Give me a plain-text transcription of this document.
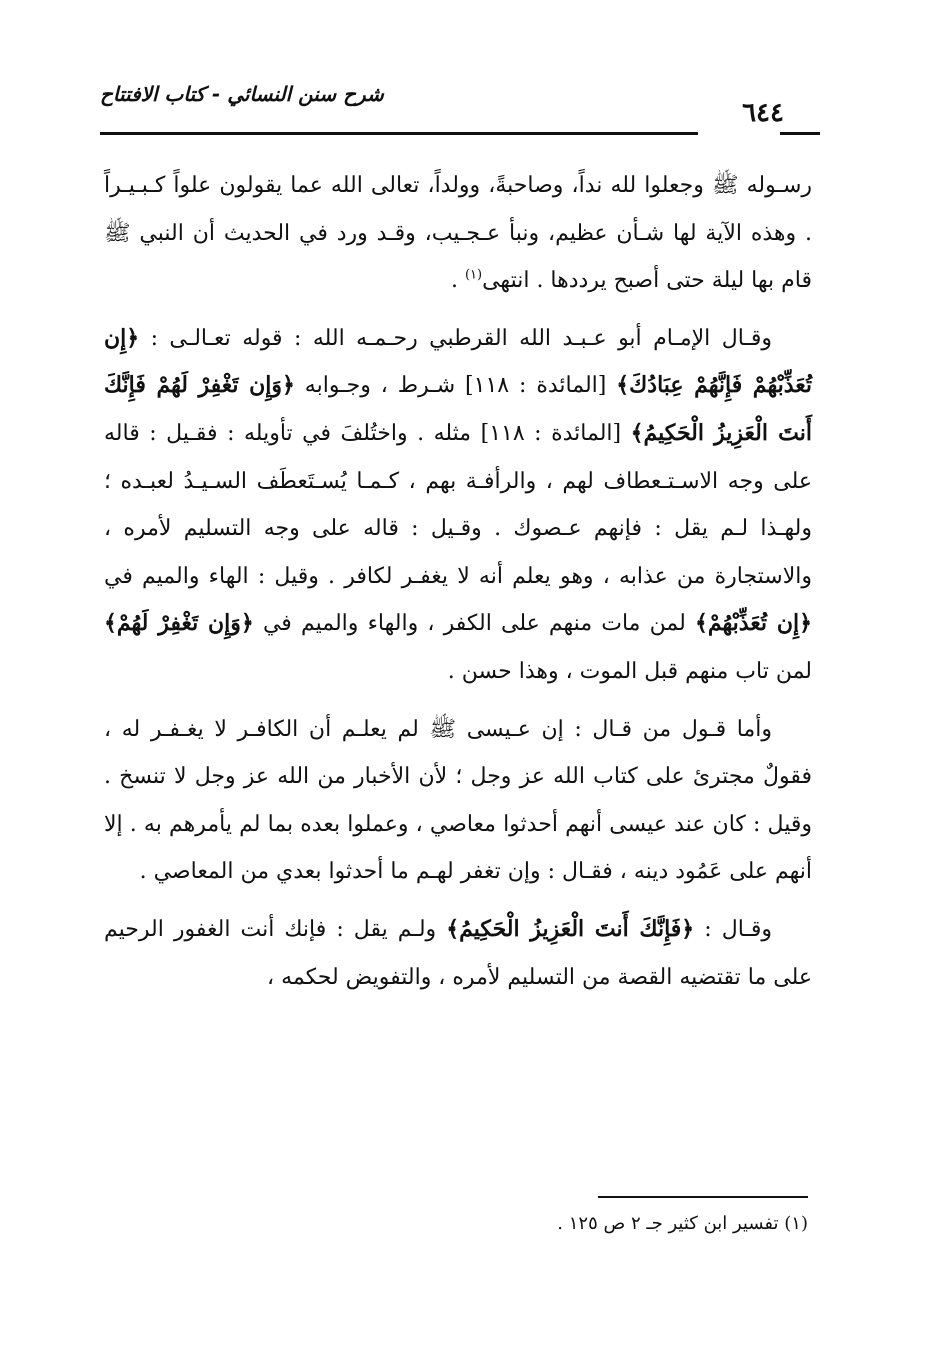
شرح سنن النسائي - كتاب الافتتاح
٦٤٤

رسـوله ﷺ وجعلوا لله نداً، وصاحبةً، وولداً، تعالى الله عما يقولون علواً كـبـيـراً . وهذه الآية لها شـأن عظيم، ونبأ عـجـيب، وقـد ورد في الحديث أن النبي ﷺ قام بها ليلة حتى أصبح يرددها . انتهى$^{(١)}$ .

وقـال الإمـام أبو عـبـد الله القرطبي رحـمـه الله : قوله تعـالـى : ﴿إِن تُعَذِّبْهُمْ فَإِنَّهُمْ عِبَادُكَ﴾ [المائدة : ١١٨] شـرط ، وجـوابه ﴿وَإِن تَغْفِرْ لَهُمْ فَإِنَّكَ أَنتَ الْعَزِيزُ الْحَكِيمُ﴾ [المائدة : ١١٨] مثله . واختُلفَ في تأويله : فقـيل : قاله على وجه الاسـتـعطاف لهم ، والرأفـة بهم ، كـمـا يُسـتَعطَف السـيـدُ لعبـده ؛ ولهـذا لـم يقل : فإنهم عـصوك . وقـيل : قاله على وجه التسليم لأمره ، والاستجارة من عذابه ، وهو يعلم أنه لا يغفـر لكافر . وقيل : الهاء والميم في ﴿إِن تُعَذِّبْهُمْ﴾ لمن مات منهم على الكفر ، والهاء والميم في ﴿وَإِن تَغْفِرْ لَهُمْ﴾ لمن تاب منهم قبل الموت ، وهذا حسن .

وأما قـول من قـال : إن عـيسى ﷺ لم يعلـم أن الكافـر لا يغـفـر له ، فقولٌ مجترئ على كتاب الله عز وجل ؛ لأن الأخبار من الله عز وجل لا تنسخ . وقيل : كان عند عيسى أنهم أحدثوا معاصي ، وعملوا بعده بما لم يأمرهم به . إلا أنهم على عَمُود دينه ، فقـال : وإن تغفر لهـم ما أحدثوا بعدي من المعاصي .

وقـال : ﴿فَإِنَّكَ أَنتَ الْعَزِيزُ الْحَكِيمُ﴾ ولـم يقل : فإنك أنت الغفور الرحيم على ما تقتضيه القصة من التسليم لأمره ، والتفويض لحكمه ،

(١) تفسير ابن كثير جـ ٢ ص ١٢٥ .
